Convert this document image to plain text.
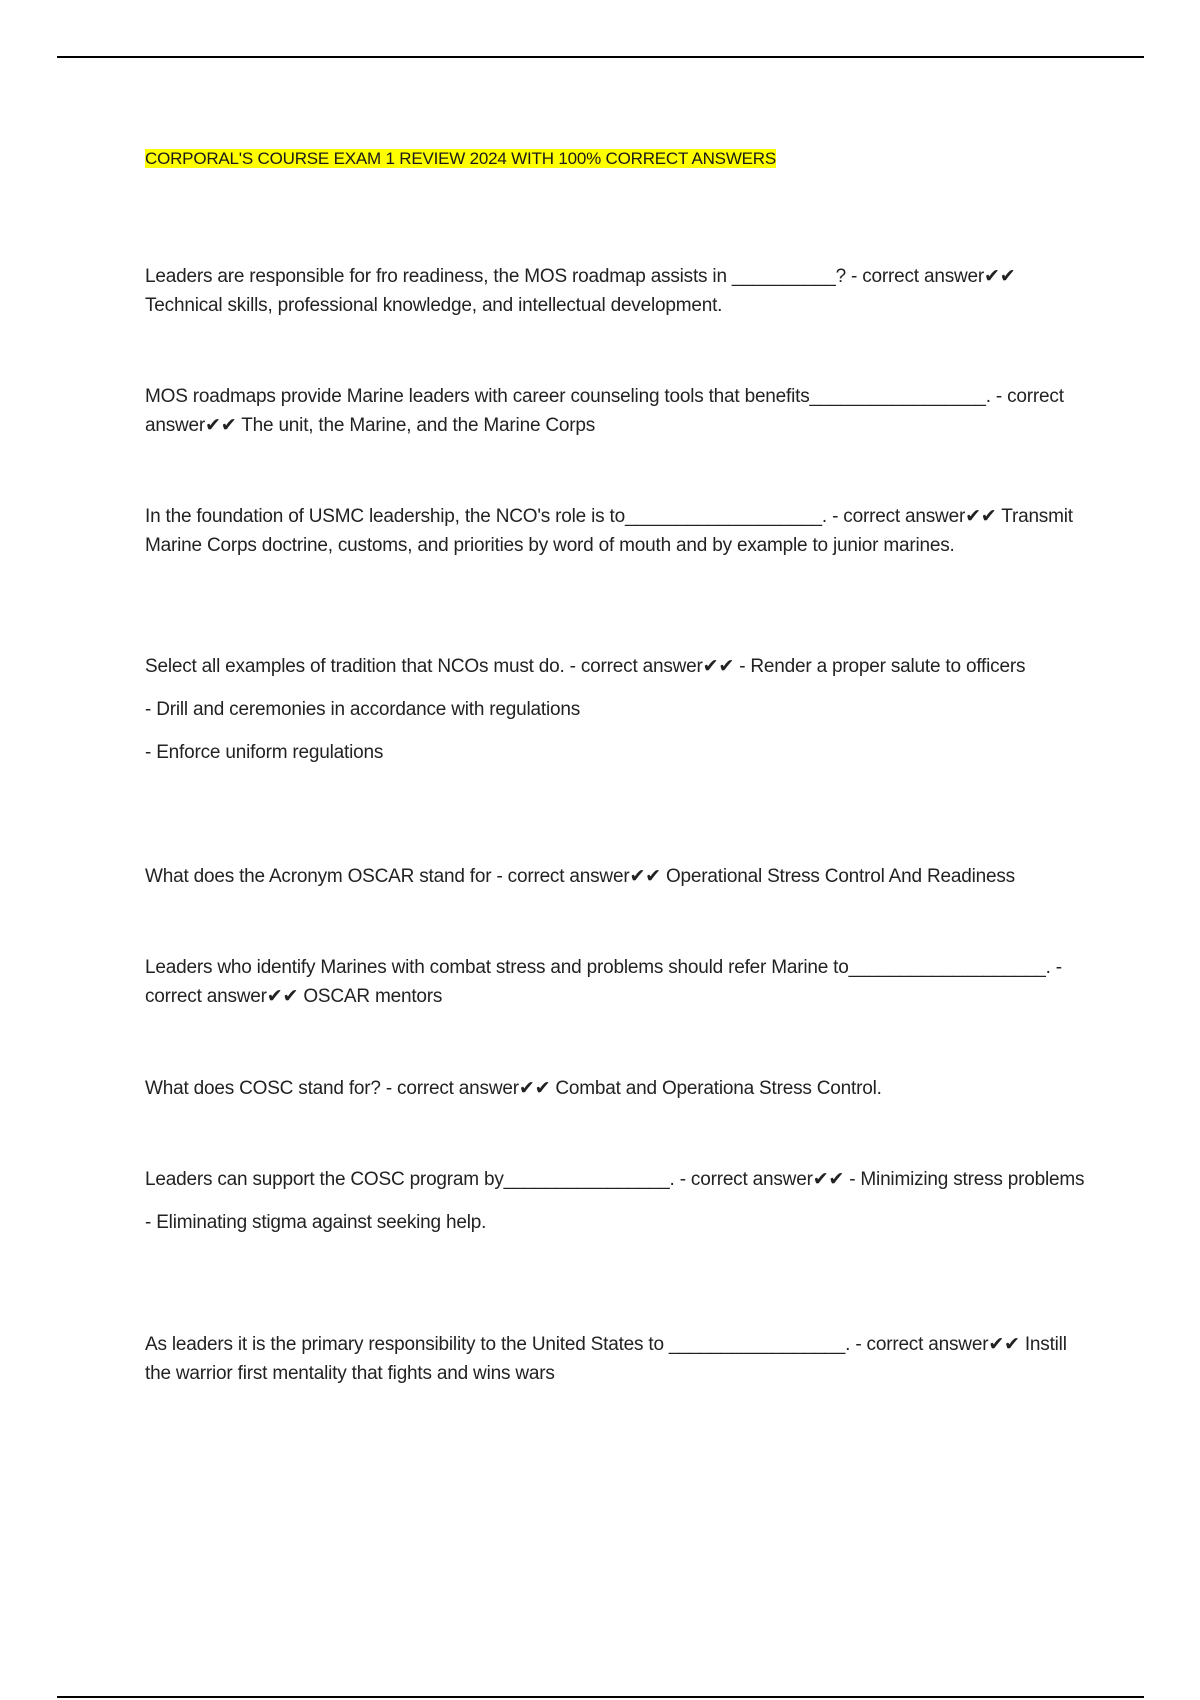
CORPORAL'S COURSE EXAM 1 REVIEW 2024 WITH 100% CORRECT ANSWERS

Leaders are responsible for fro readiness, the MOS roadmap assists in __________? - correct answer✔✔ Technical skills, professional knowledge, and intellectual development.

MOS roadmaps provide Marine leaders with career counseling tools that benefits_________________. - correct answer✔✔ The unit, the Marine, and the Marine Corps

In the foundation of USMC leadership, the NCO's role is to___________________. - correct answer✔✔ Transmit Marine Corps doctrine, customs, and priorities by word of mouth and by example to junior marines.

Select all examples of tradition that NCOs must do. - correct answer✔✔ - Render a proper salute to officers

- Drill and ceremonies in accordance with regulations

- Enforce uniform regulations

What does the Acronym OSCAR stand for - correct answer✔✔ Operational Stress Control And Readiness

Leaders who identify Marines with combat stress and problems should refer Marine to___________________. - correct answer✔✔ OSCAR mentors

What does COSC stand for? - correct answer✔✔ Combat and Operationa Stress Control.

Leaders can support the COSC program by________________. - correct answer✔✔ - Minimizing stress problems

- Eliminating stigma against seeking help.

As leaders it is the primary responsibility to the United States to _________________. - correct answer✔✔ Instill the warrior first mentality that fights and wins wars
